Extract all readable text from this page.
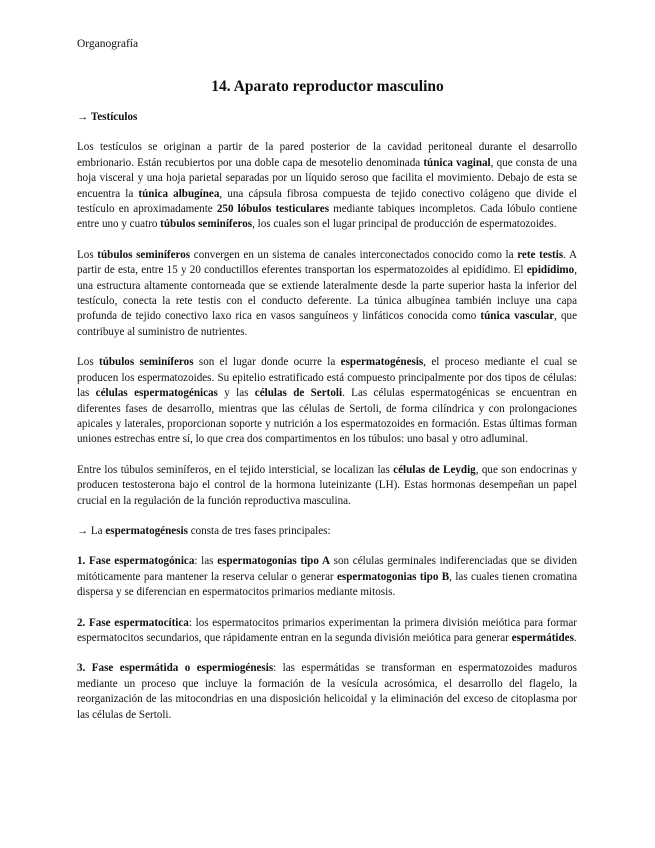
Organografía
14. Aparato reproductor masculino
→ Testículos

Los testículos se originan a partir de la pared posterior de la cavidad peritoneal durante el desarrollo embrionario. Están recubiertos por una doble capa de mesotelio denominada túnica vaginal, que consta de una hoja visceral y una hoja parietal separadas por un líquido seroso que facilita el movimiento. Debajo de esta se encuentra la túnica albugínea, una cápsula fibrosa compuesta de tejido conectivo colágeno que divide el testículo en aproximadamente 250 lóbulos testiculares mediante tabiques incompletos. Cada lóbulo contiene entre uno y cuatro túbulos seminíferos, los cuales son el lugar principal de producción de espermatozoides.

Los túbulos seminíferos convergen en un sistema de canales interconectados conocido como la rete testis. A partir de esta, entre 15 y 20 conductillos eferentes transportan los espermatozoides al epidídimo. El epidídimo, una estructura altamente contorneada que se extiende lateralmente desde la parte superior hasta la inferior del testículo, conecta la rete testis con el conducto deferente. La túnica albugínea también incluye una capa profunda de tejido conectivo laxo rica en vasos sanguíneos y linfáticos conocida como túnica vascular, que contribuye al suministro de nutrientes.

Los túbulos seminíferos son el lugar donde ocurre la espermatogénesis, el proceso mediante el cual se producen los espermatozoides. Su epitelio estratificado está compuesto principalmente por dos tipos de células: las células espermatogénicas y las células de Sertoli. Las células espermatogénicas se encuentran en diferentes fases de desarrollo, mientras que las células de Sertoli, de forma cilíndrica y con prolongaciones apicales y laterales, proporcionan soporte y nutrición a los espermatozoides en formación. Estas últimas forman uniones estrechas entre sí, lo que crea dos compartimentos en los túbulos: uno basal y otro adluminal.

Entre los túbulos seminíferos, en el tejido intersticial, se localizan las células de Leydig, que son endocrinas y producen testosterona bajo el control de la hormona luteinizante (LH). Estas hormonas desempeñan un papel crucial en la regulación de la función reproductiva masculina.

→ La espermatogénesis consta de tres fases principales:

1. Fase espermatogónica: las espermatogonias tipo A son células germinales indiferenciadas que se dividen mitóticamente para mantener la reserva celular o generar espermatogonias tipo B, las cuales tienen cromatina dispersa y se diferencian en espermatocitos primarios mediante mitosis.

2. Fase espermatocítica: los espermatocitos primarios experimentan la primera división meiótica para formar espermatocitos secundarios, que rápidamente entran en la segunda división meiótica para generar espermátides.

3. Fase espermátida o espermiogénesis: las espermátidas se transforman en espermatozoides maduros mediante un proceso que incluye la formación de la vesícula acrosómica, el desarrollo del flagelo, la reorganización de las mitocondrias en una disposición helicoidal y la eliminación del exceso de citoplasma por las células de Sertoli.
